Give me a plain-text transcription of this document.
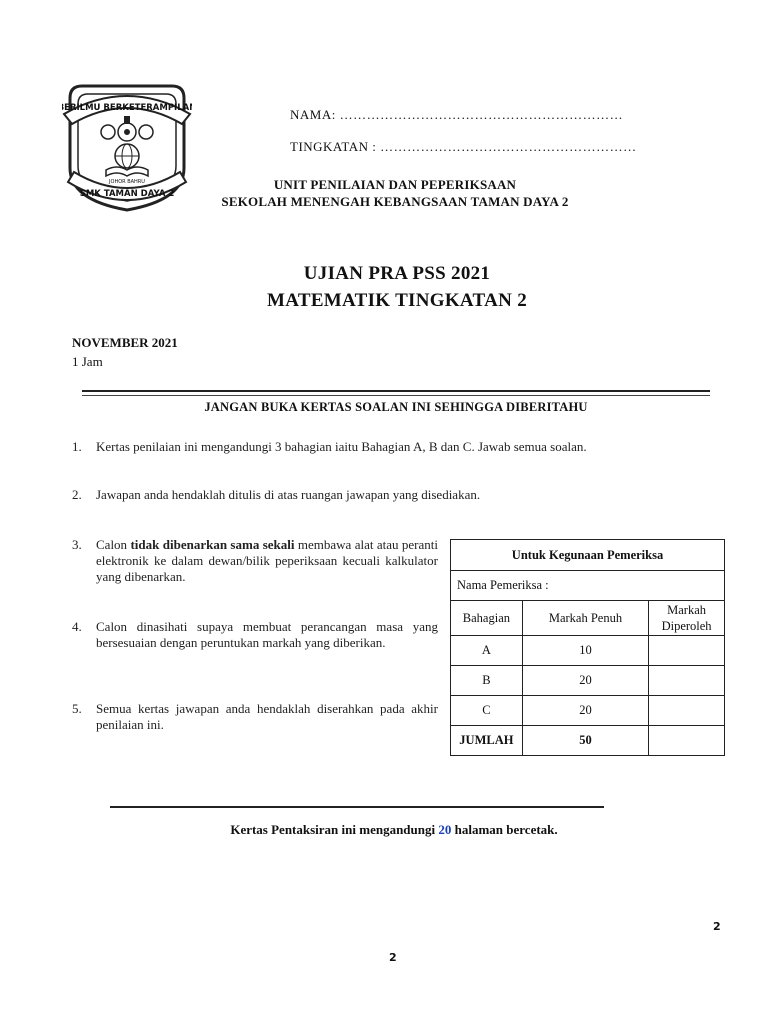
BERILMU BERKETERAMPILAN
SMK TAMAN DAYA 2
JOHOR BAHRU
NAMA: ………………………………………………………
TINGKATAN : …………………………………………………
UNIT PENILAIAN DAN PEPERIKSAAN
SEKOLAH MENENGAH KEBANGSAAN TAMAN DAYA 2
UJIAN PRA PSS 2021
MATEMATIK TINGKATAN 2
NOVEMBER 2021
1 Jam
JANGAN BUKA KERTAS SOALAN INI SEHINGGA DIBERITAHU
1. Kertas penilaian ini mengandungi 3 bahagian iaitu Bahagian A, B dan C. Jawab semua soalan.
2. Jawapan anda hendaklah ditulis di atas ruangan jawapan yang disediakan.
3. Calon tidak dibenarkan sama sekali membawa alat atau peranti elektronik ke dalam dewan/bilik peperiksaan kecuali kalkulator yang dibenarkan.
4. Calon dinasihati supaya membuat perancangan masa yang bersesuaian dengan peruntukan markah yang diberikan.
5. Semua kertas jawapan anda hendaklah diserahkan pada akhir penilaian ini.
Untuk Kegunaan Pemeriksa		
Nama Pemeriksa :		
Bahagian	Markah Penuh	Markah Diperoleh
A	10	
B	20	
C	20	
JUMLAH	50	
Kertas Pentaksiran ini mengandungi 20 halaman bercetak.
2
2
